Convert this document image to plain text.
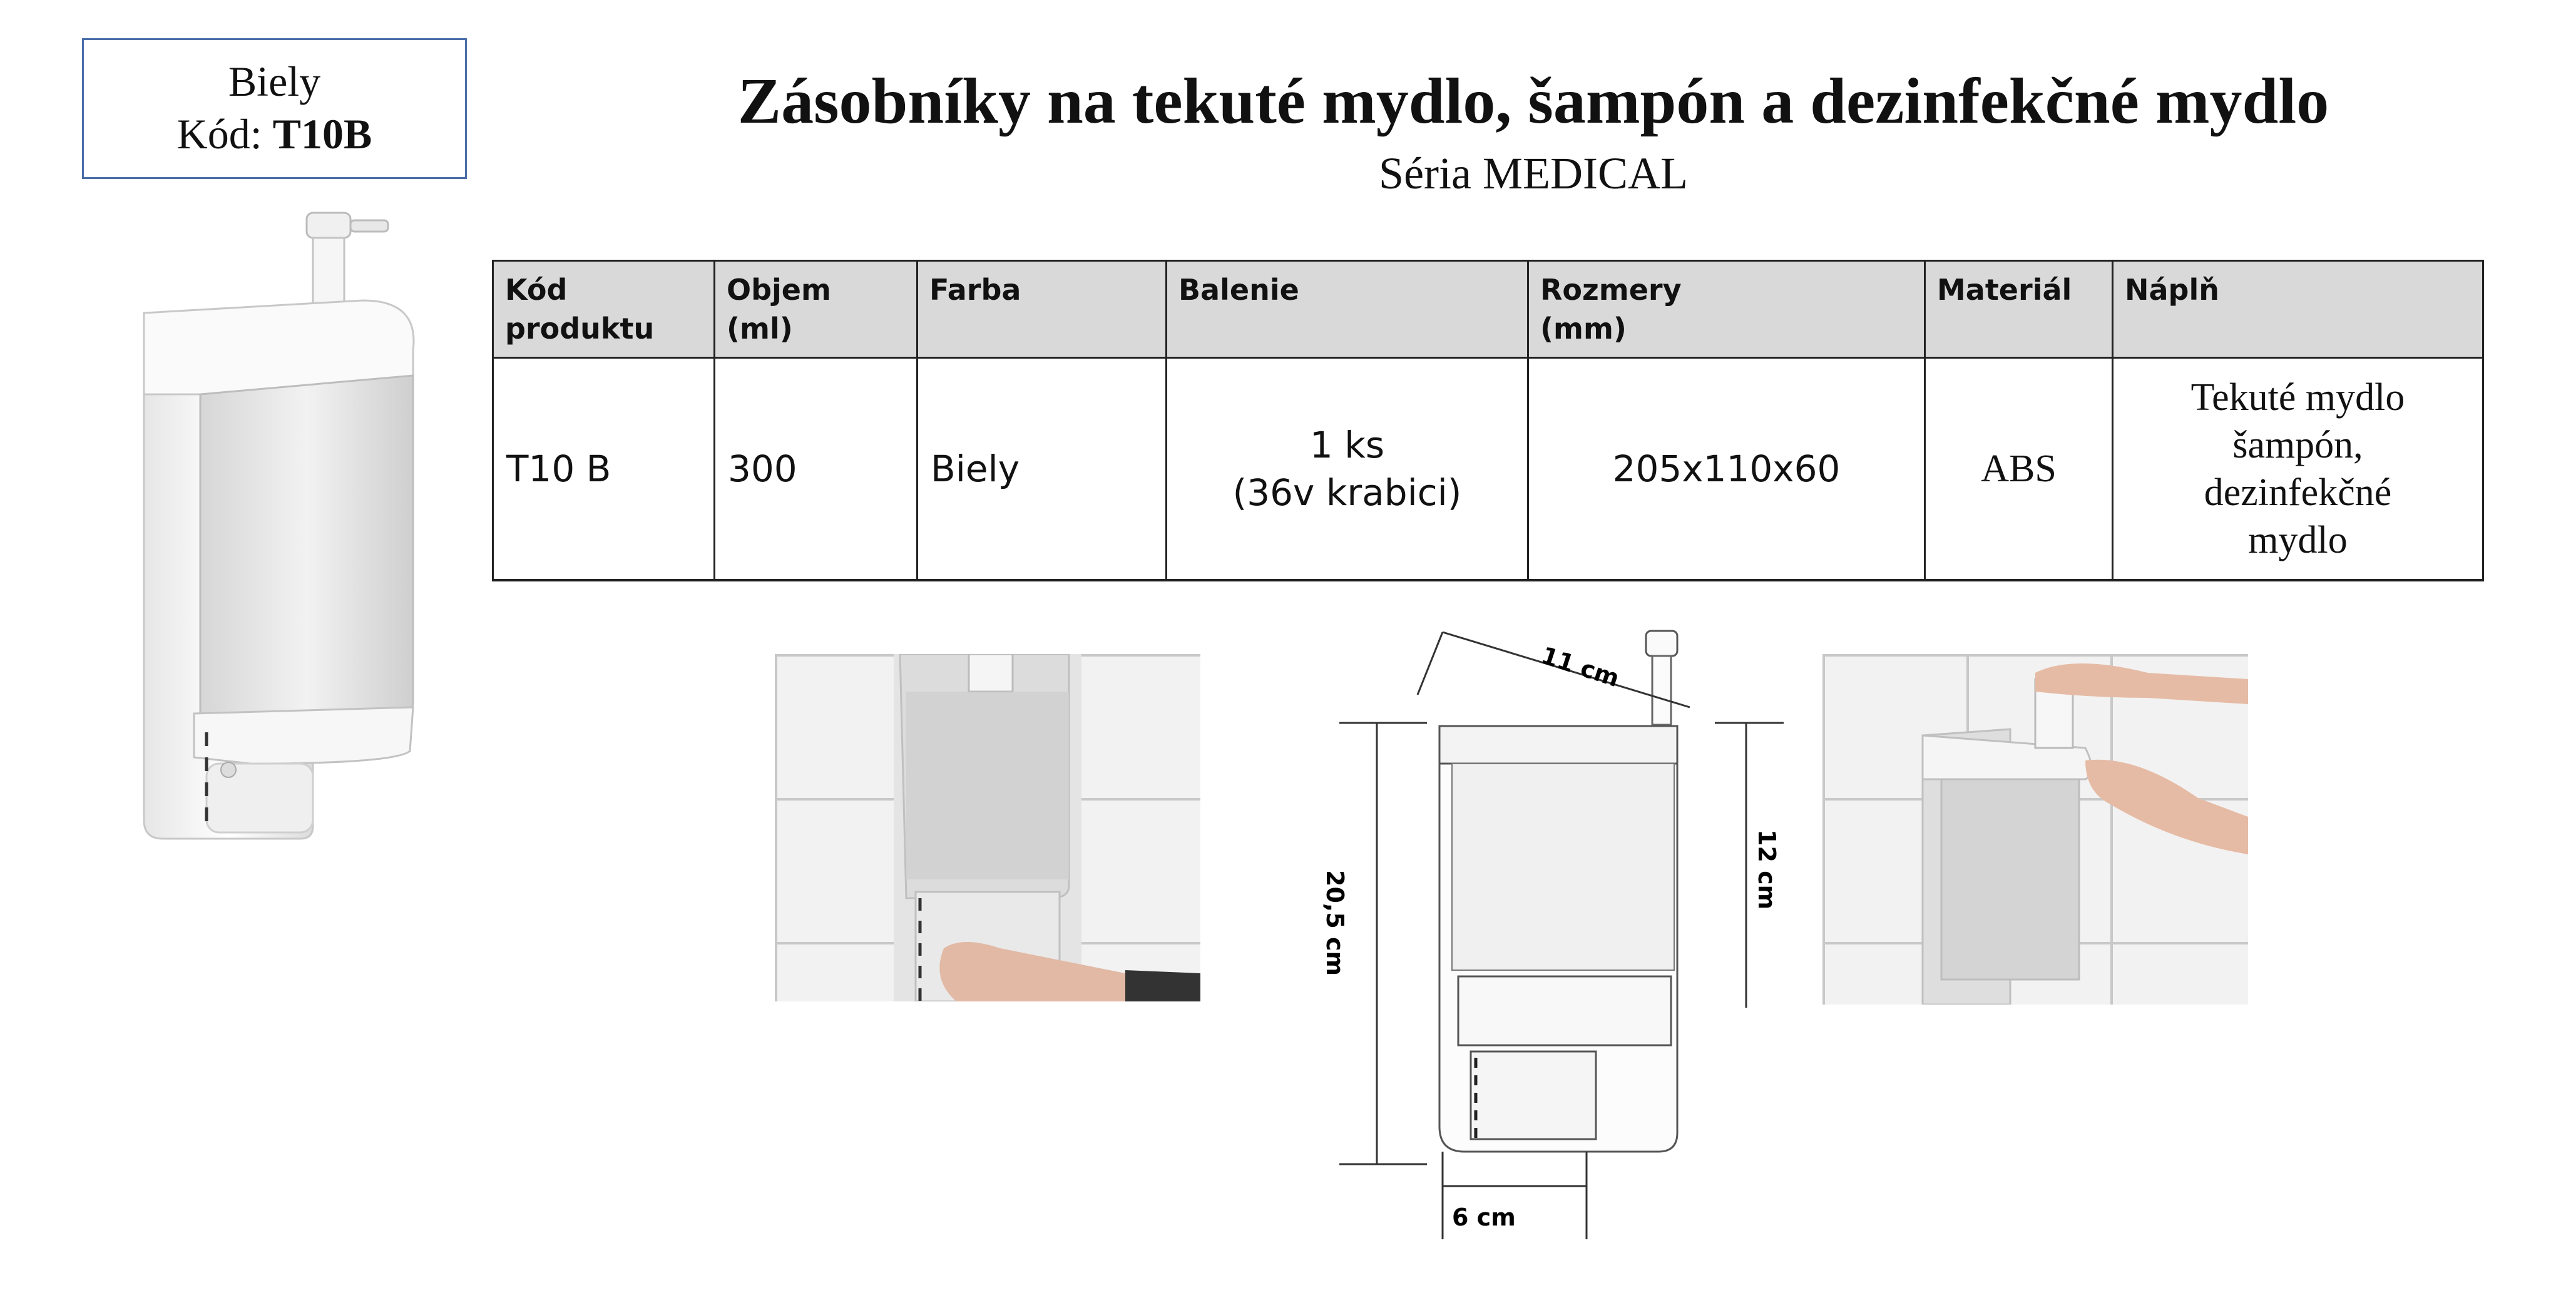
Biely
Kód: T10B	Zásobníky na tekuté mydlo, šampón a dezinfekčné mydlo
Séria MEDICAL
Kód
produktu	Objem
(ml)	Farba	Balenie	Rozmery
(mm)	Materiál	Náplň

T10 B	300	Biely	1 ks
(36v krabici)	205x110x60	ABS	Tekuté mydlo
šampón,
dezinfekčné
mydlo
11 cm
20,5 cm
12 cm
6 cm
